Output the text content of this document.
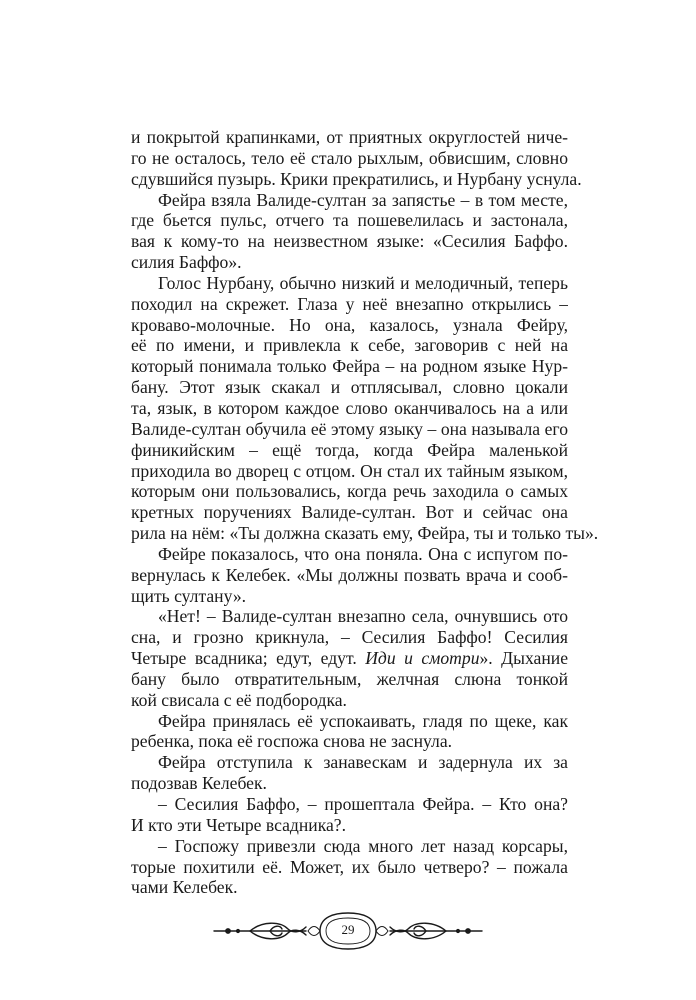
и покрытой крапинками, от приятных округлостей ниче-
го не осталось, тело её стало рыхлым, обвисшим, словно
сдувшийся пузырь. Крики прекратились, и Нурбану уснула.
Фейра взяла Валиде-султан за запястье – в том месте,
где бьется пульс, отчего та пошевелилась и застонала,
вая к кому-то на неизвестном языке: «Сесилия Баффо.
силия Баффо».
Голос Нурбану, обычно низкий и мелодичный, теперь
походил на скрежет. Глаза у неё внезапно открылись –
кроваво-молочные. Но она, казалось, узнала Фейру,
её по имени, и привлекла к себе, заговорив с ней на
который понимала только Фейра – на родном языке Нур-
бану. Этот язык скакал и отплясывал, словно цокали
та, язык, в котором каждое слово оканчивалось на а или
Валиде-султан обучила её этому языку – она называла его
финикийским – ещё тогда, когда Фейра маленькой
приходила во дворец с отцом. Он стал их тайным языком,
которым они пользовались, когда речь заходила о самых
кретных поручениях Валиде-султан. Вот и сейчас она
рила на нём: «Ты должна сказать ему, Фейра, ты и только ты».
Фейре показалось, что она поняла. Она с испугом по-
вернулась к Келебек. «Мы должны позвать врача и сооб-
щить султану».
«Нет! – Валиде-султан внезапно села, очнувшись ото
сна, и грозно крикнула, – Сесилия Баффо! Сесилия
Четыре всадника; едут, едут. Иди и смотри». Дыхание
бану было отвратительным, желчная слюна тонкой
кой свисала с её подбородка.
Фейра принялась её успокаивать, гладя по щеке, как
ребенка, пока её госпожа снова не заснула.
Фейра отступила к занавескам и задернула их за
подозвав Келебек.
– Сесилия Баффо, – прошептала Фейра. – Кто она?
И кто эти Четыре всадника?.
– Госпожу привезли сюда много лет назад корсары,
торые похитили её. Может, их было четверо? – пожала
чами Келебек.
29
